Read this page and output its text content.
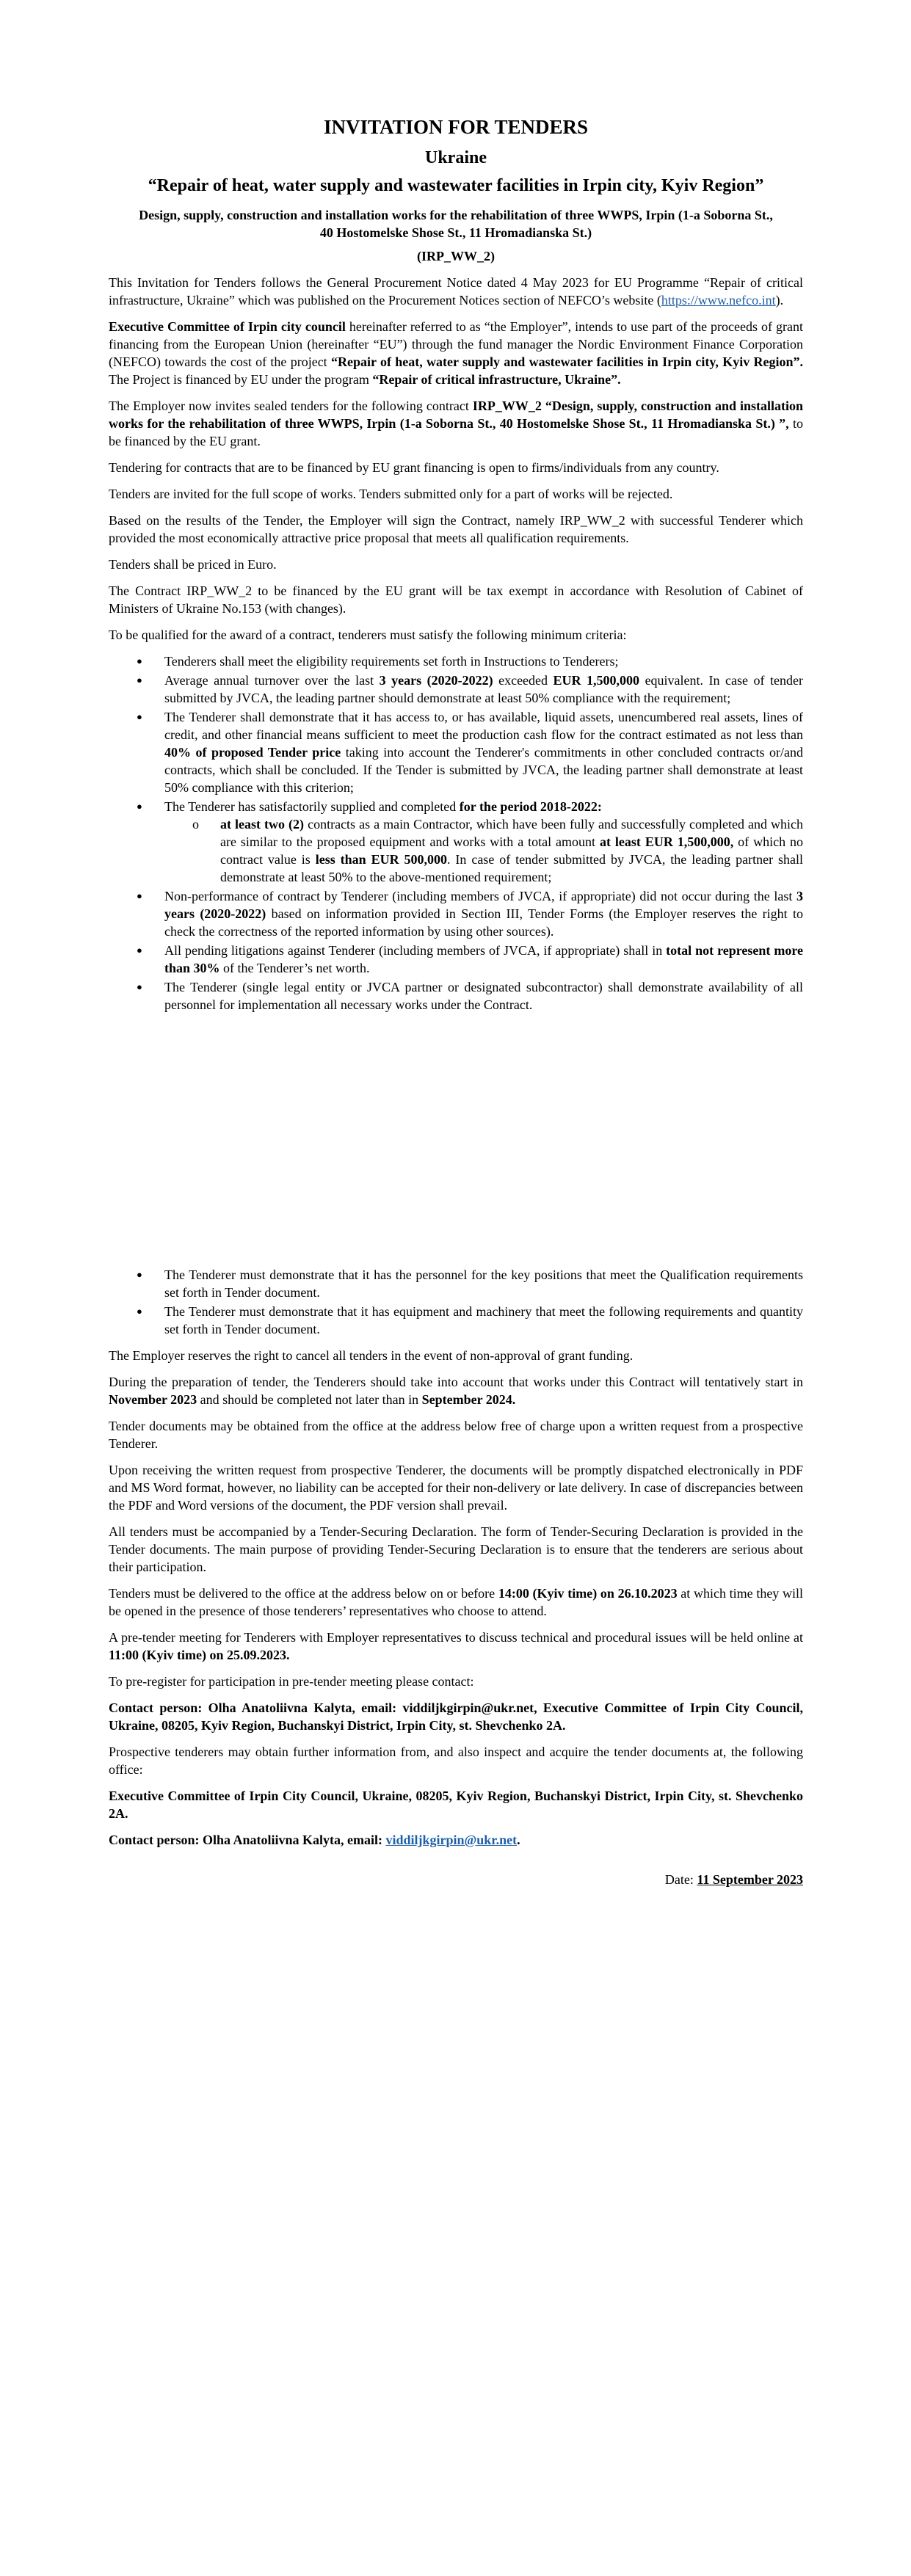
INVITATION FOR TENDERS
Ukraine
“Repair of heat, water supply and wastewater facilities in Irpin city, Kyiv Region”
Design, supply, construction and installation works for the rehabilitation of three WWPS, Irpin (1-a Soborna St., 40 Hostomelske Shose St., 11 Hromadianska St.)
(IRP_WW_2)

This Invitation for Tenders follows the General Procurement Notice dated 4 May 2023 for EU Programme “Repair of critical infrastructure, Ukraine” which was published on the Procurement Notices section of NEFCO’s website (https://www.nefco.int).

Executive Committee of Irpin city council hereinafter referred to as “the Employer”, intends to use part of the proceeds of grant financing from the European Union (hereinafter “EU”) through the fund manager the Nordic Environment Finance Corporation (NEFCO) towards the cost of the project “Repair of heat, water supply and wastewater facilities in Irpin city, Kyiv Region”. The Project is financed by EU under the program “Repair of critical infrastructure, Ukraine”.

The Employer now invites sealed tenders for the following contract IRP_WW_2 “Design, supply, construction and installation works for the rehabilitation of three WWPS, Irpin (1-a Soborna St., 40 Hostomelske Shose St., 11 Hromadianska St.) ”, to be financed by the EU grant.

Tendering for contracts that are to be financed by EU grant financing is open to firms/individuals from any country.

Tenders are invited for the full scope of works. Tenders submitted only for a part of works will be rejected.

Based on the results of the Tender, the Employer will sign the Contract, namely IRP_WW_2 with successful Tenderer which provided the most economically attractive price proposal that meets all qualification requirements.

Tenders shall be priced in Euro.

The Contract IRP_WW_2 to be financed by the EU grant will be tax exempt in accordance with Resolution of Cabinet of Ministers of Ukraine No.153 (with changes).

To be qualified for the award of a contract, tenderers must satisfy the following minimum criteria:

● Tenderers shall meet the eligibility requirements set forth in Instructions to Tenderers;
● Average annual turnover over the last 3 years (2020-2022) exceeded EUR 1,500,000 equivalent. In case of tender submitted by JVCA, the leading partner should demonstrate at least 50% compliance with the requirement;
● The Tenderer shall demonstrate that it has access to, or has available, liquid assets, unencumbered real assets, lines of credit, and other financial means sufficient to meet the production cash flow for the contract estimated as not less than 40% of proposed Tender price taking into account the Tenderer's commitments in other concluded contracts or/and contracts, which shall be concluded. If the Tender is submitted by JVCA, the leading partner shall demonstrate at least 50% compliance with this criterion;
● The Tenderer has satisfactorily supplied and completed for the period 2018-2022:
o at least two (2) contracts as a main Contractor, which have been fully and successfully completed and which are similar to the proposed equipment and works with a total amount at least EUR 1,500,000, of which no contract value is less than EUR 500,000. In case of tender submitted by JVCA, the leading partner shall demonstrate at least 50% to the above-mentioned requirement;
● Non-performance of contract by Tenderer (including members of JVCA, if appropriate) did not occur during the last 3 years (2020-2022) based on information provided in Section III, Tender Forms (the Employer reserves the right to check the correctness of the reported information by using other sources).
● All pending litigations against Tenderer (including members of JVCA, if appropriate) shall in total not represent more than 30% of the Tenderer’s net worth.
● The Tenderer (single legal entity or JVCA partner or designated subcontractor) shall demonstrate availability of all personnel for implementation all necessary works under the Contract.
● The Tenderer must demonstrate that it has the personnel for the key positions that meet the Qualification requirements set forth in Tender document.
● The Tenderer must demonstrate that it has equipment and machinery that meet the following requirements and quantity set forth in Tender document.

The Employer reserves the right to cancel all tenders in the event of non-approval of grant funding.

During the preparation of tender, the Tenderers should take into account that works under this Contract will tentatively start in November 2023 and should be completed not later than in September 2024.

Tender documents may be obtained from the office at the address below free of charge upon a written request from a prospective Tenderer.

Upon receiving the written request from prospective Tenderer, the documents will be promptly dispatched electronically in PDF and MS Word format, however, no liability can be accepted for their non-delivery or late delivery. In case of discrepancies between the PDF and Word versions of the document, the PDF version shall prevail.

All tenders must be accompanied by a Tender-Securing Declaration. The form of Tender-Securing Declaration is provided in the Tender documents. The main purpose of providing Tender-Securing Declaration is to ensure that the tenderers are serious about their participation.

Tenders must be delivered to the office at the address below on or before 14:00 (Kyiv time) on 26.10.2023 at which time they will be opened in the presence of those tenderers’ representatives who choose to attend.

A pre-tender meeting for Tenderers with Employer representatives to discuss technical and procedural issues will be held online at 11:00 (Kyiv time) on 25.09.2023.

To pre-register for participation in pre-tender meeting please contact:

Contact person: Olha Anatoliivna Kalyta, email: viddiljkgirpin@ukr.net, Executive Committee of Irpin City Council, Ukraine, 08205, Kyiv Region, Buchanskyi District, Irpin City, st. Shevchenko 2A.

Prospective tenderers may obtain further information from, and also inspect and acquire the tender documents at, the following office:

Executive Committee of Irpin City Council, Ukraine, 08205, Kyiv Region, Buchanskyi District, Irpin City, st. Shevchenko 2A.

Contact person: Olha Anatoliivna Kalyta, email: viddiljkgirpin@ukr.net.

Date: 11 September 2023
